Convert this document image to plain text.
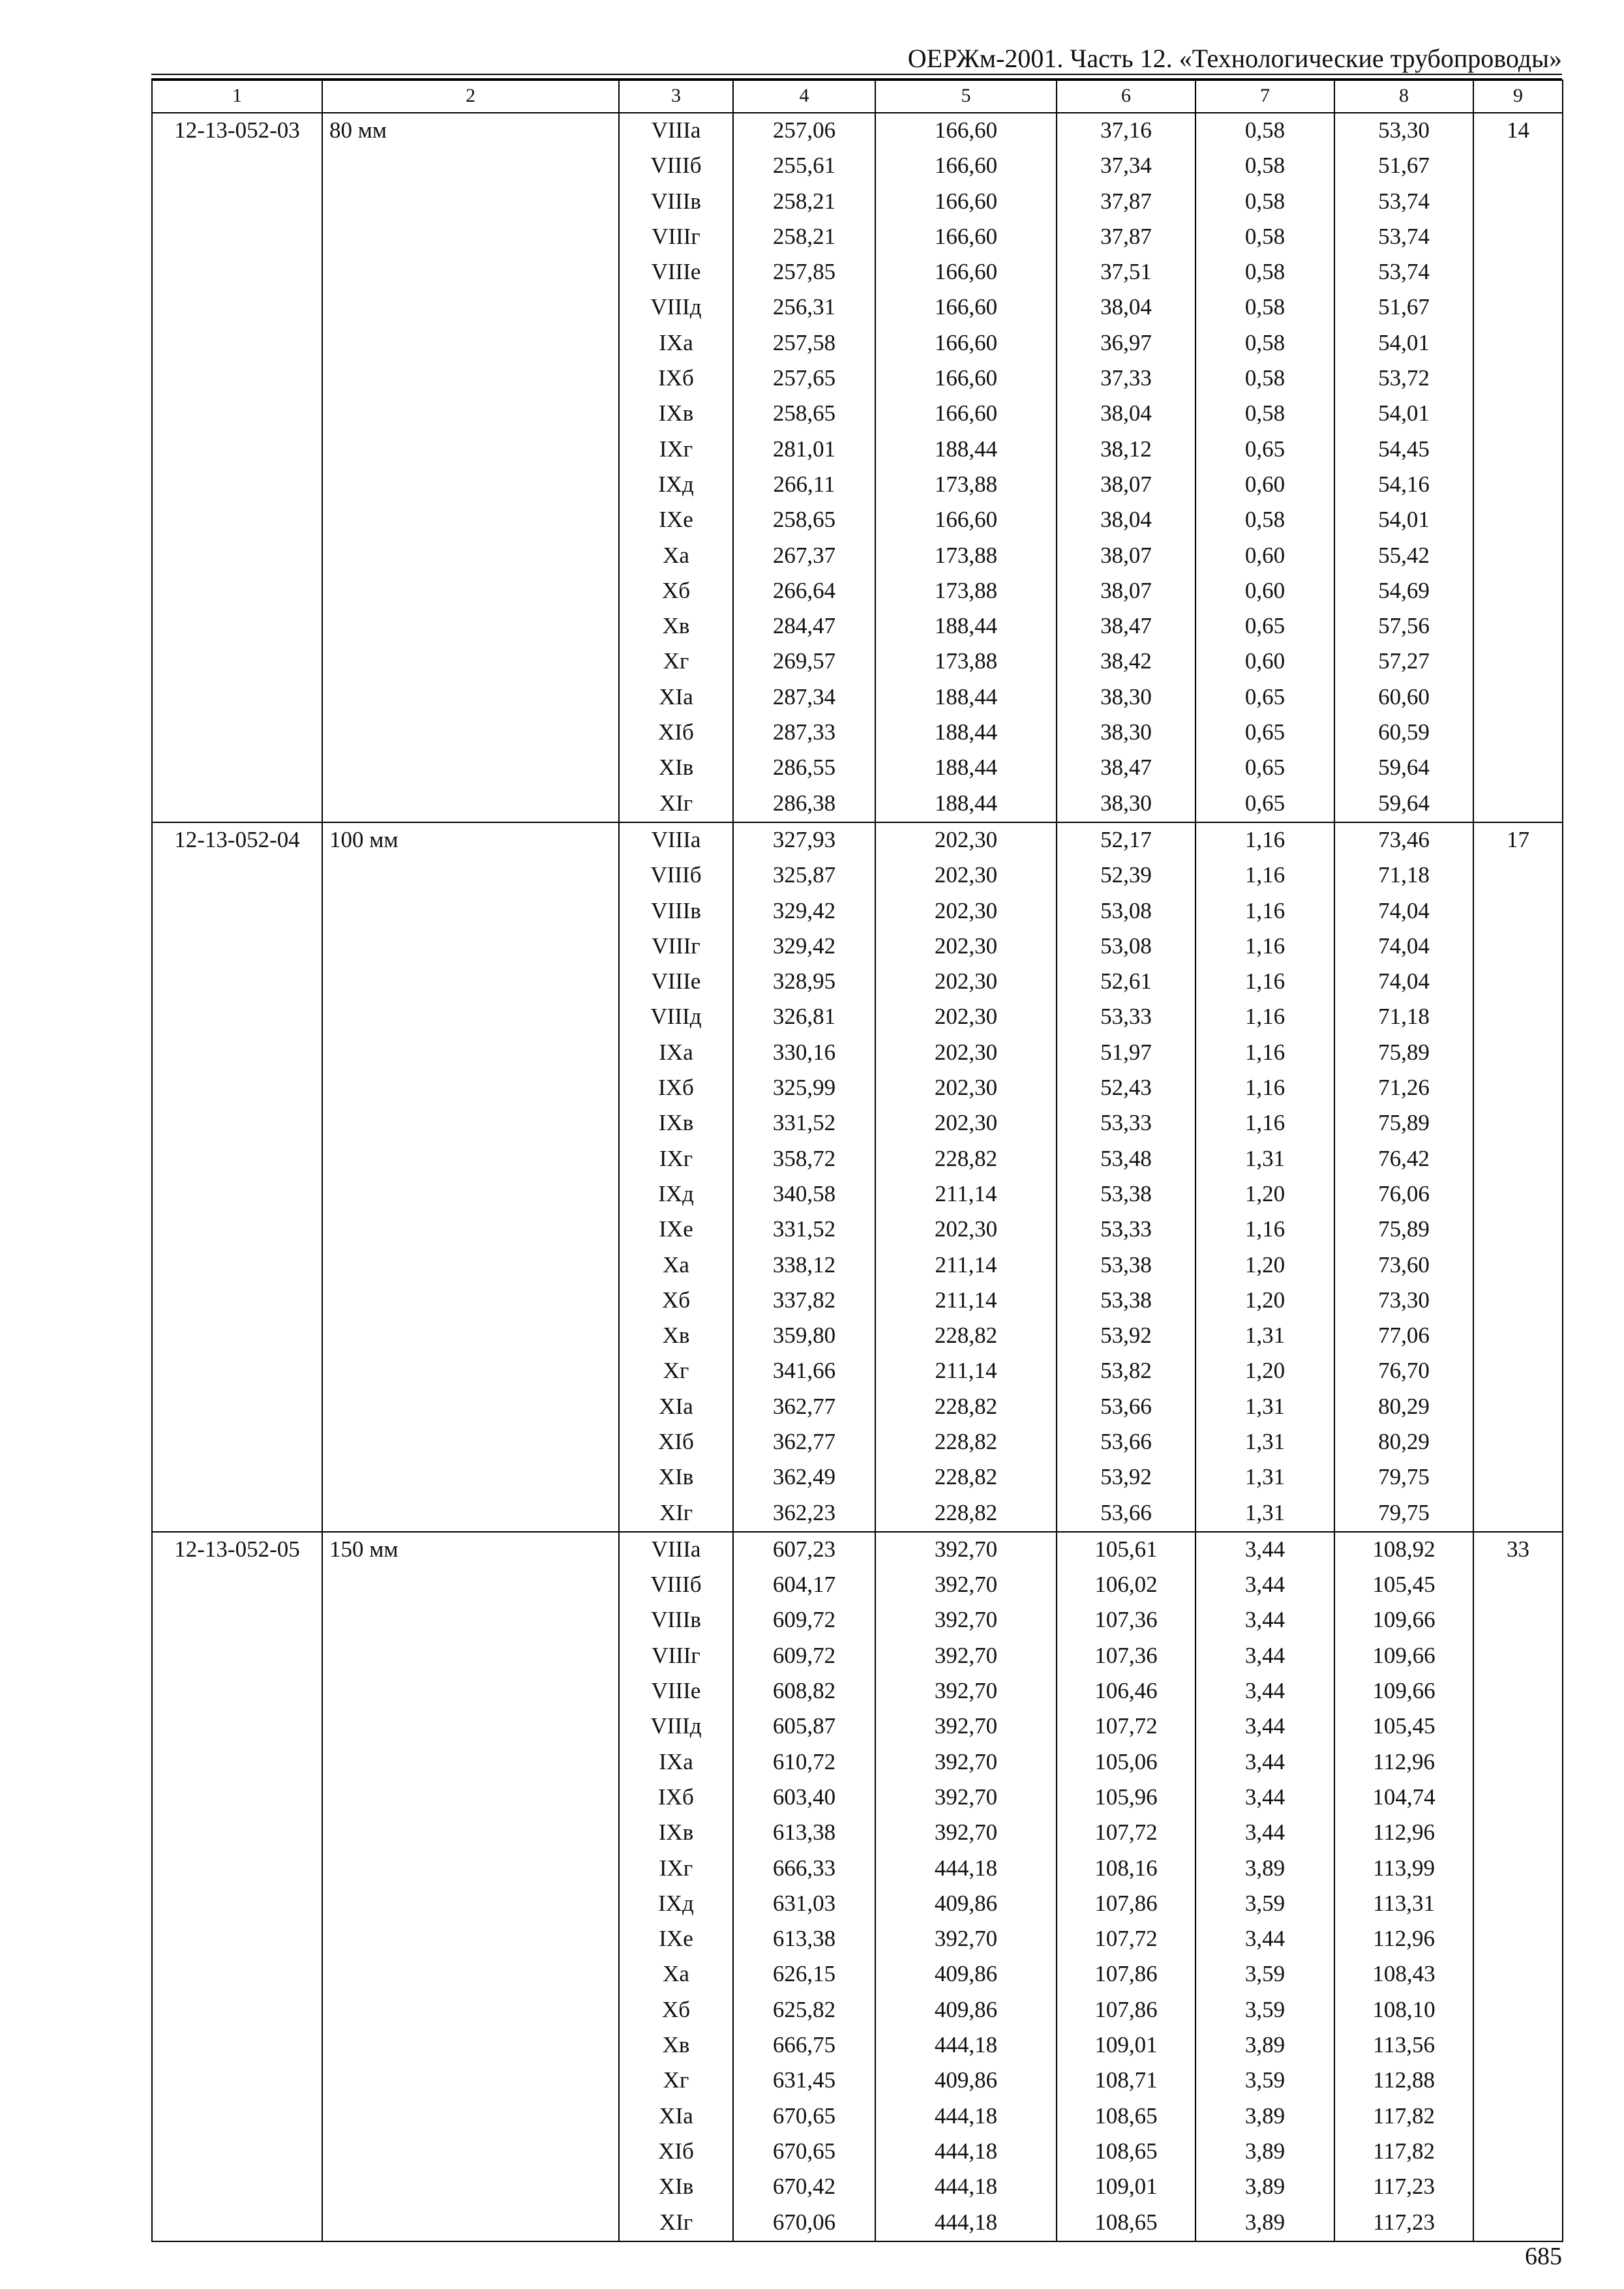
ОЕРЖм-2001. Часть 12. «Технологические трубопроводы»
1	2	3	4	5	6	7	8	9
12-13-052-03	80 мм	VIIIа	257,06	166,60	37,16	0,58	53,30	14
		VIIIб	255,61	166,60	37,34	0,58	51,67	
		VIIIв	258,21	166,60	37,87	0,58	53,74	
		VIIIг	258,21	166,60	37,87	0,58	53,74	
		VIIIе	257,85	166,60	37,51	0,58	53,74	
		VIIIд	256,31	166,60	38,04	0,58	51,67	
		IXа	257,58	166,60	36,97	0,58	54,01	
		IXб	257,65	166,60	37,33	0,58	53,72	
		IXв	258,65	166,60	38,04	0,58	54,01	
		IXг	281,01	188,44	38,12	0,65	54,45	
		IXд	266,11	173,88	38,07	0,60	54,16	
		IXе	258,65	166,60	38,04	0,58	54,01	
		Xа	267,37	173,88	38,07	0,60	55,42	
		Xб	266,64	173,88	38,07	0,60	54,69	
		Xв	284,47	188,44	38,47	0,65	57,56	
		Xг	269,57	173,88	38,42	0,60	57,27	
		XIа	287,34	188,44	38,30	0,65	60,60	
		XIб	287,33	188,44	38,30	0,65	60,59	
		XIв	286,55	188,44	38,47	0,65	59,64	
		XIг	286,38	188,44	38,30	0,65	59,64	
12-13-052-04	100 мм	VIIIа	327,93	202,30	52,17	1,16	73,46	17
		VIIIб	325,87	202,30	52,39	1,16	71,18	
		VIIIв	329,42	202,30	53,08	1,16	74,04	
		VIIIг	329,42	202,30	53,08	1,16	74,04	
		VIIIе	328,95	202,30	52,61	1,16	74,04	
		VIIIд	326,81	202,30	53,33	1,16	71,18	
		IXа	330,16	202,30	51,97	1,16	75,89	
		IXб	325,99	202,30	52,43	1,16	71,26	
		IXв	331,52	202,30	53,33	1,16	75,89	
		IXг	358,72	228,82	53,48	1,31	76,42	
		IXд	340,58	211,14	53,38	1,20	76,06	
		IXе	331,52	202,30	53,33	1,16	75,89	
		Xа	338,12	211,14	53,38	1,20	73,60	
		Xб	337,82	211,14	53,38	1,20	73,30	
		Xв	359,80	228,82	53,92	1,31	77,06	
		Xг	341,66	211,14	53,82	1,20	76,70	
		XIа	362,77	228,82	53,66	1,31	80,29	
		XIб	362,77	228,82	53,66	1,31	80,29	
		XIв	362,49	228,82	53,92	1,31	79,75	
		XIг	362,23	228,82	53,66	1,31	79,75	
12-13-052-05	150 мм	VIIIа	607,23	392,70	105,61	3,44	108,92	33
		VIIIб	604,17	392,70	106,02	3,44	105,45	
		VIIIв	609,72	392,70	107,36	3,44	109,66	
		VIIIг	609,72	392,70	107,36	3,44	109,66	
		VIIIе	608,82	392,70	106,46	3,44	109,66	
		VIIIд	605,87	392,70	107,72	3,44	105,45	
		IXа	610,72	392,70	105,06	3,44	112,96	
		IXб	603,40	392,70	105,96	3,44	104,74	
		IXв	613,38	392,70	107,72	3,44	112,96	
		IXг	666,33	444,18	108,16	3,89	113,99	
		IXд	631,03	409,86	107,86	3,59	113,31	
		IXе	613,38	392,70	107,72	3,44	112,96	
		Xа	626,15	409,86	107,86	3,59	108,43	
		Xб	625,82	409,86	107,86	3,59	108,10	
		Xв	666,75	444,18	109,01	3,89	113,56	
		Xг	631,45	409,86	108,71	3,59	112,88	
		XIа	670,65	444,18	108,65	3,89	117,82	
		XIб	670,65	444,18	108,65	3,89	117,82	
		XIв	670,42	444,18	109,01	3,89	117,23	
		XIг	670,06	444,18	108,65	3,89	117,23	
685
